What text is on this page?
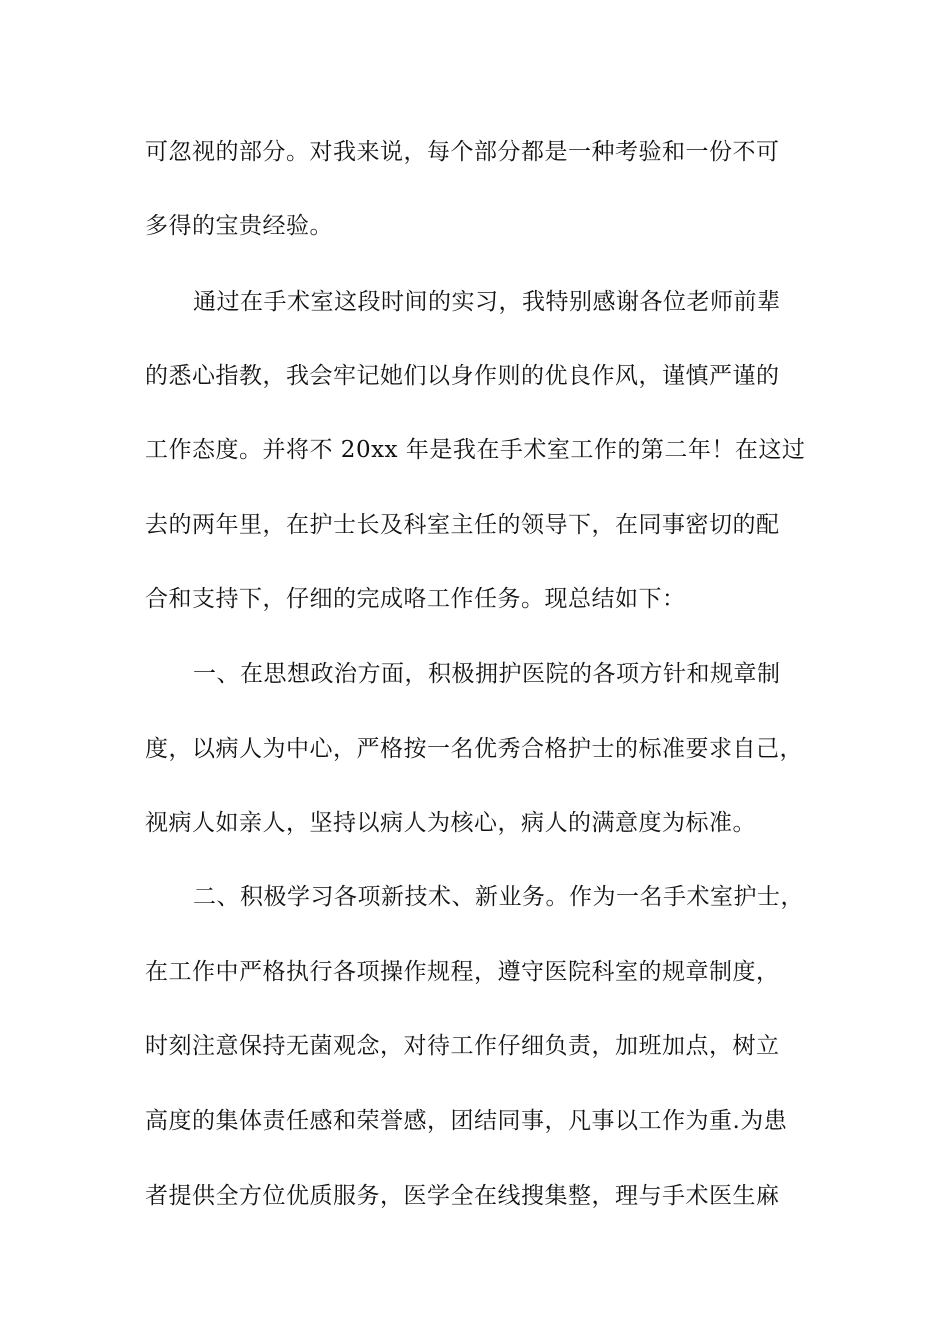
可忽视的部分。对我来说，每个部分都是一种考验和一份不可
多得的宝贵经验。
通过在手术室这段时间的实习，我特别感谢各位老师前辈
的悉心指教，我会牢记她们以身作则的优良作风，谨慎严谨的
工作态度。并将不 20xx 年是我在手术室工作的第二年！在这过
去的两年里，在护士长及科室主任的领导下，在同事密切的配
合和支持下，仔细的完成咯工作任务。现总结如下：
一、在思想政治方面，积极拥护医院的各项方针和规章制
度，以病人为中心，严格按一名优秀合格护士的标准要求自己，
视病人如亲人，坚持以病人为核心，病人的满意度为标准。
二、积极学习各项新技术、新业务。作为一名手术室护士，
在工作中严格执行各项操作规程，遵守医院科室的规章制度，
时刻注意保持无菌观念，对待工作仔细负责，加班加点，树立
高度的集体责任感和荣誉感，团结同事，凡事以工作为重.为患
者提供全方位优质服务，医学全在线搜集整，理与手术医生麻
